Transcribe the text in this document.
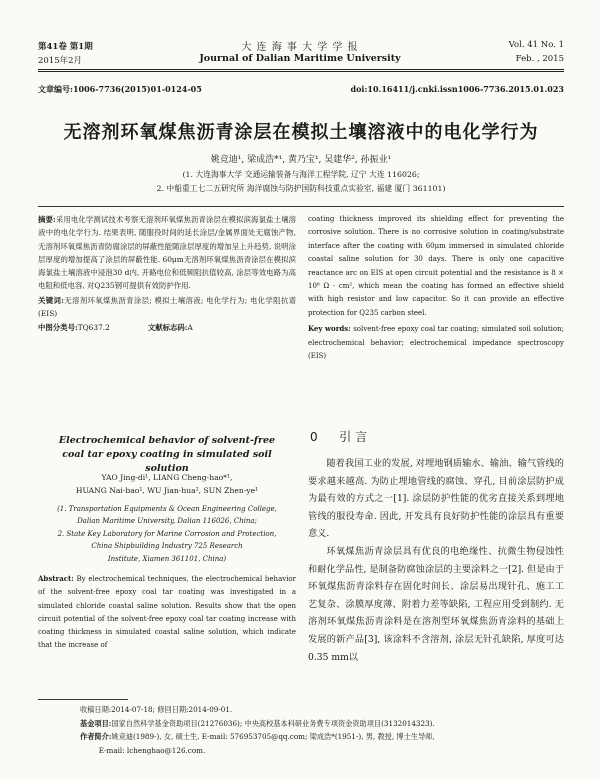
第41卷 第1期
2015年2月
大 连 海 事 大 学 学 报
Journal of Dalian Maritime University
Vol. 41 No. 1
Feb. , 2015
文章编号:1006-7736(2015)01-0124-05	doi:10.16411/j.cnki.issn1006-7736.2015.01.023
无溶剂环氧煤焦沥青涂层在模拟土壤溶液中的电化学行为
姚竞迪¹, 梁成浩*¹, 黄乃宝¹, 吴建华², 孙振业¹
(1. 大连海事大学 交通运输装备与海洋工程学院, 辽宁 大连 116026;
2. 中船重工七二五研究所 海洋腐蚀与防护国防科技重点实验室, 福建 厦门 361101)

摘要:采用电化学测试技术考察无溶剂环氧煤焦沥青涂层在模拟滨海氯盐土壤溶液中的电化学行为. 结果表明, 随服役时间的延长涂层/金属界面处无腐蚀产物, 无溶剂环氧煤焦沥青防腐涂层的屏蔽性能随涂层厚度的增加呈上升趋势, 说明涂层厚度的增加提高了涂层的屏蔽性能. 60μm无溶剂环氧煤焦沥青涂层在模拟滨海氯盐土壤溶液中浸泡30 d内, 开路电位和低频阻抗值较高, 涂层等效电路为高电阻和低电容, 对Q235钢可提供有效防护作用.

关键词:无溶剂环氧煤焦沥青涂层; 模拟土壤溶液; 电化学行为; 电化学阻抗谱(EIS)

中图分类号:TQ637.2	文献标志码:A

Electrochemical behavior of solvent-free coal tar epoxy coating in simulated soil solution
YAO Jing-di¹, LIANG Cheng-hao*¹,
HUANG Nai-bao¹, WU Jian-hua², SUN Zhen-ye¹
(1. Transportation Equipments & Ocean Engineering College,
Dalian Maritime University, Dalian 116026, China;
2. State Key Laboratory for Marine Corrosion and Protection,
China Shipbuilding Industry 725 Research
Institute, Xiamen 361101, China)

Abstract: By electrochemical techniques, the electrochemical behavior of the solvent-free epoxy coal tar coating was investigated in a simulated chloride coastal saline solution. Results show that the open circuit potential of the solvent-free epoxy coal tar coating increase with coating thickness in simulated coastal saline solution, which indicate that the increase of

coating thickness improved its shielding effect for preventing the corrosive solution. There is no corrosive solution in coating/substrate interface after the coating with 60μm immersed in simulated chloride coastal saline solution for 30 days. There is only one capacitive reactance arc on EIS at open circuit potential and the resistance is 8 × 10⁸ Ω · cm², which mean the coating has formed an effective shield with high resistor and low capacitor. So it can provide an effective protection for Q235 carbon steel.

Key words: solvent-free epoxy coal tar coating; simulated soil solution; electrochemical behavior; electrochemical impedance spectroscopy (EIS)

0 引 言

随着我国工业的发展, 对埋地钢质输水、输油、输气管线的要求越来越高. 为防止埋地管线的腐蚀、穿孔, 目前涂层防护成为最有效的方式之一[1]. 涂层防护性能的优劣直接关系到埋地管线的服役寿命. 因此, 开发具有良好防护性能的涂层具有重要意义.

环氧煤焦沥青涂层具有优良的电绝缘性、抗微生物侵蚀性和耐化学品性, 是制备防腐蚀涂层的主要涂料之一[2]. 但是由于环氧煤焦沥青涂料存在固化时间长、涂层易出现针孔、施工工艺复杂、涂膜厚度薄、附着力差等缺陷, 工程应用受到制约. 无溶剂环氧煤焦沥青涂料是在溶剂型环氧煤焦沥青涂料的基础上发展的新产品[3], 该涂料不含溶剂, 涂层无针孔缺陷, 厚度可达0.35 mm以

收稿日期:2014-07-18; 修回日期:2014-09-01.
基金项目:国家自然科学基金资助项目(21276036); 中央高校基本科研业务费专项资金资助项目(3132014323).
作者简介:姚竞迪(1989-), 女, 硕士生, E-mail: 576953705@qq.com; 梁成浩*(1951-), 男, 教授, 博士生导师,
E-mail: lchenghao@126.com.
